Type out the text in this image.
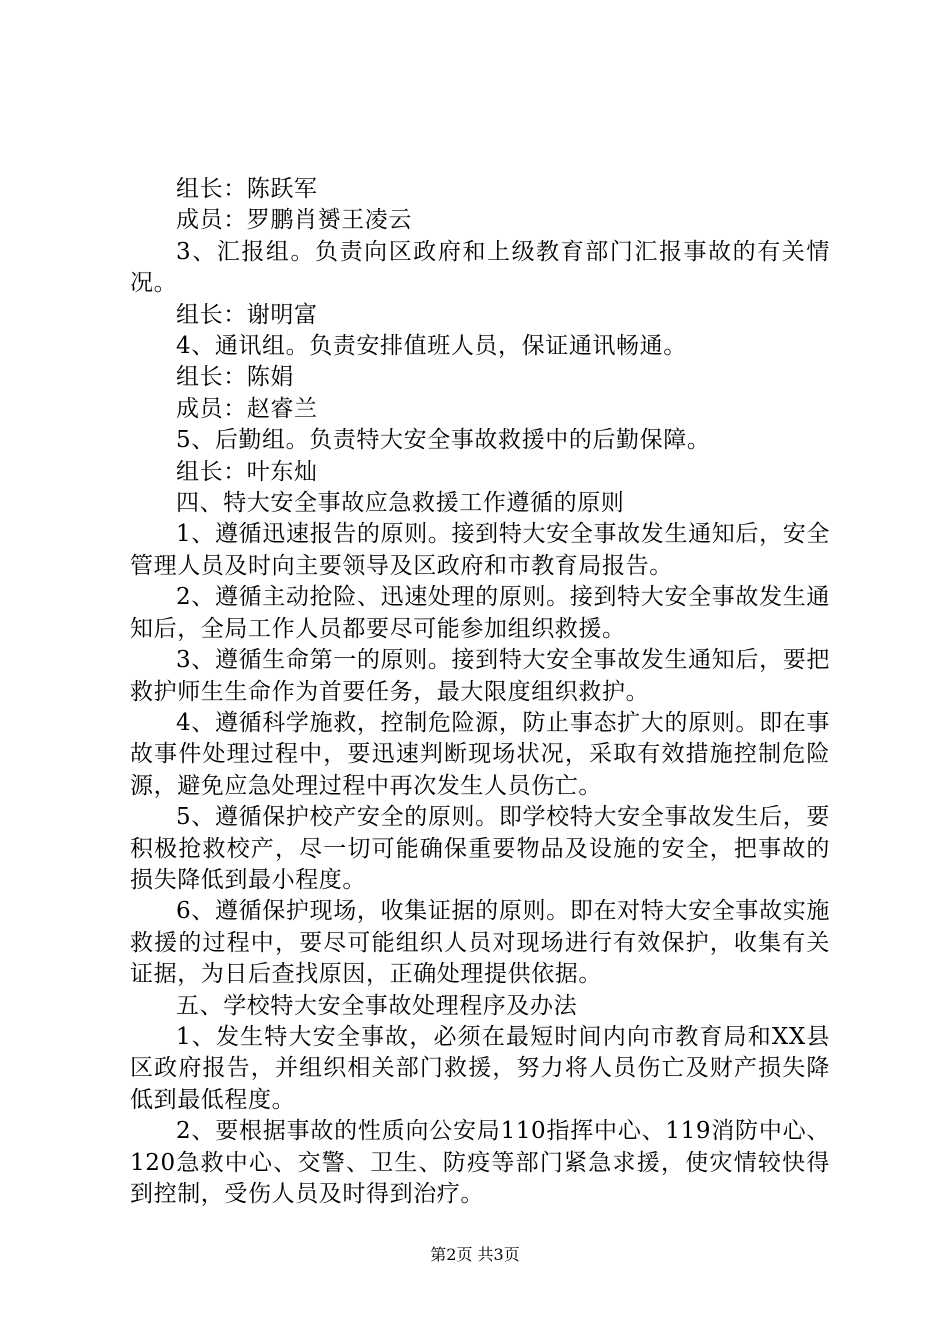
组长：陈跃军

成员：罗鹏肖赟王凌云

3、汇报组。负责向区政府和上级教育部门汇报事故的有关情况。

组长：谢明富

4、通讯组。负责安排值班人员，保证通讯畅通。

组长：陈娟

成员：赵睿兰

5、后勤组。负责特大安全事故救援中的后勤保障。

组长：叶东灿

四、特大安全事故应急救援工作遵循的原则

1、遵循迅速报告的原则。接到特大安全事故发生通知后，安全管理人员及时向主要领导及区政府和市教育局报告。

2、遵循主动抢险、迅速处理的原则。接到特大安全事故发生通知后，全局工作人员都要尽可能参加组织救援。

3、遵循生命第一的原则。接到特大安全事故发生通知后，要把救护师生生命作为首要任务，最大限度组织救护。

4、遵循科学施救，控制危险源，防止事态扩大的原则。即在事故事件处理过程中，要迅速判断现场状况，采取有效措施控制危险源，避免应急处理过程中再次发生人员伤亡。

5、遵循保护校产安全的原则。即学校特大安全事故发生后，要积极抢救校产，尽一切可能确保重要物品及设施的安全，把事故的损失降低到最小程度。

6、遵循保护现场，收集证据的原则。即在对特大安全事故实施救援的过程中，要尽可能组织人员对现场进行有效保护，收集有关证据，为日后查找原因，正确处理提供依据。

五、学校特大安全事故处理程序及办法

1、发生特大安全事故，必须在最短时间内向市教育局和XX县区政府报告，并组织相关部门救援，努力将人员伤亡及财产损失降低到最低程度。

2、要根据事故的性质向公安局110指挥中心、119消防中心、120急救中心、交警、卫生、防疫等部门紧急求援，使灾情较快得到控制，受伤人员及时得到治疗。

第2页 共3页
